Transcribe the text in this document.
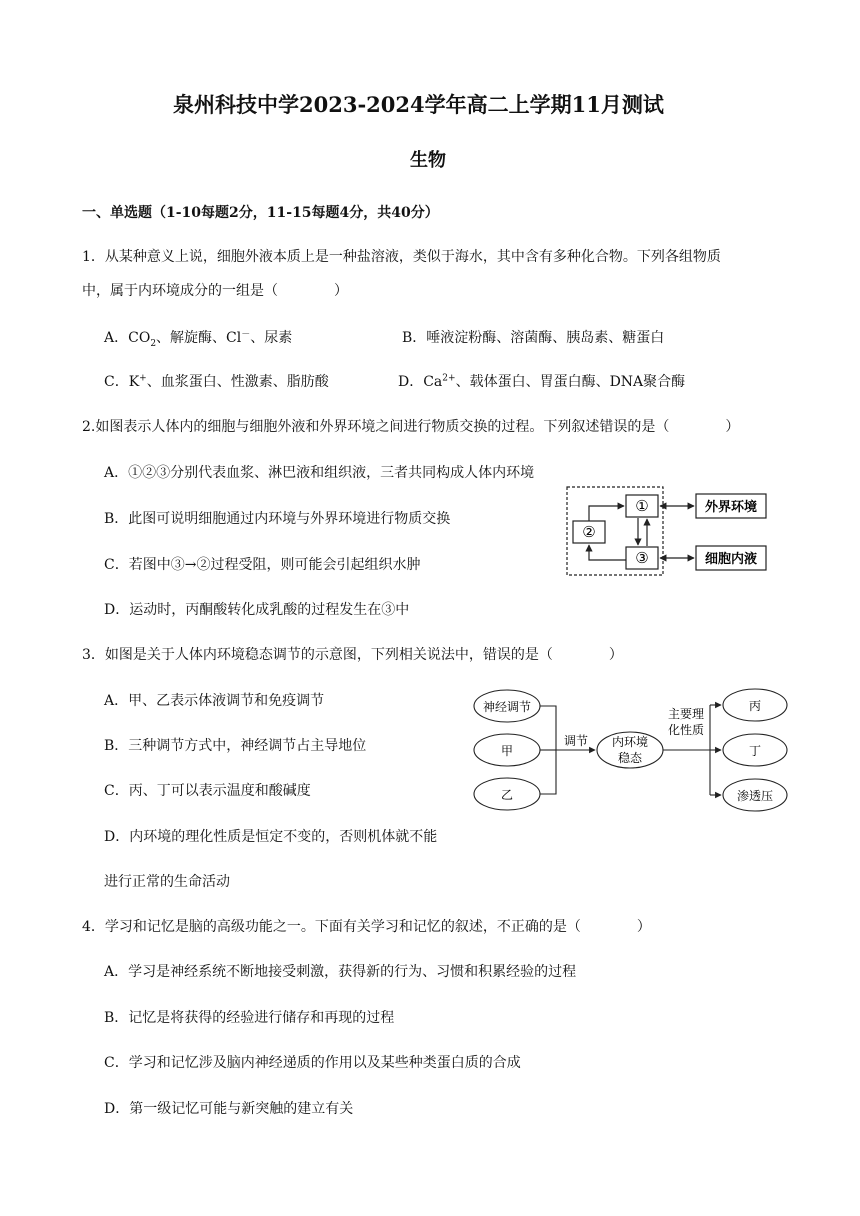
泉州科技中学2023-2024学年高二上学期11月测试
生物
一、单选题（1-10每题2分，11-15每题4分，共40分）
1．从某种意义上说，细胞外液本质上是一种盐溶液，类似于海水，其中含有多种化合物。下列各组物质
中，属于内环境成分的一组是（　　　　）
A．$CO_2$、解旋酶、Cl－、尿素	B．唾液淀粉酶、溶菌酶、胰岛素、糖蛋白
C．K+、血浆蛋白、性激素、脂肪酸	D．$Ca^{2+}$、载体蛋白、胃蛋白酶、DNA聚合酶
2.如图表示人体内的细胞与细胞外液和外界环境之间进行物质交换的过程。下列叙述错误的是（　　　　）
A．①②③分别代表血浆、淋巴液和组织液，三者共同构成人体内环境
B．此图可说明细胞通过内环境与外界环境进行物质交换
C．若图中③→②过程受阻，则可能会引起组织水肿
D．运动时，丙酮酸转化成乳酸的过程发生在③中
①
②
③
外界环境
细胞内液
3．如图是关于人体内环境稳态调节的示意图，下列相关说法中，错误的是（　　　　）
A．甲、乙表示体液调节和免疫调节
B．三种调节方式中，神经调节占主导地位
C．丙、丁可以表示温度和酸碱度
D．内环境的理化性质是恒定不变的，否则机体就不能
进行正常的生命活动
神经调节
甲
乙
调节 内环境
稳态
主要理
化性质
丙
丁
渗透压
4．学习和记忆是脑的高级功能之一。下面有关学习和记忆的叙述，不正确的是（　　　　）
A．学习是神经系统不断地接受刺激，获得新的行为、习惯和积累经验的过程
B．记忆是将获得的经验进行储存和再现的过程
C．学习和记忆涉及脑内神经递质的作用以及某些种类蛋白质的合成
D．第一级记忆可能与新突触的建立有关
